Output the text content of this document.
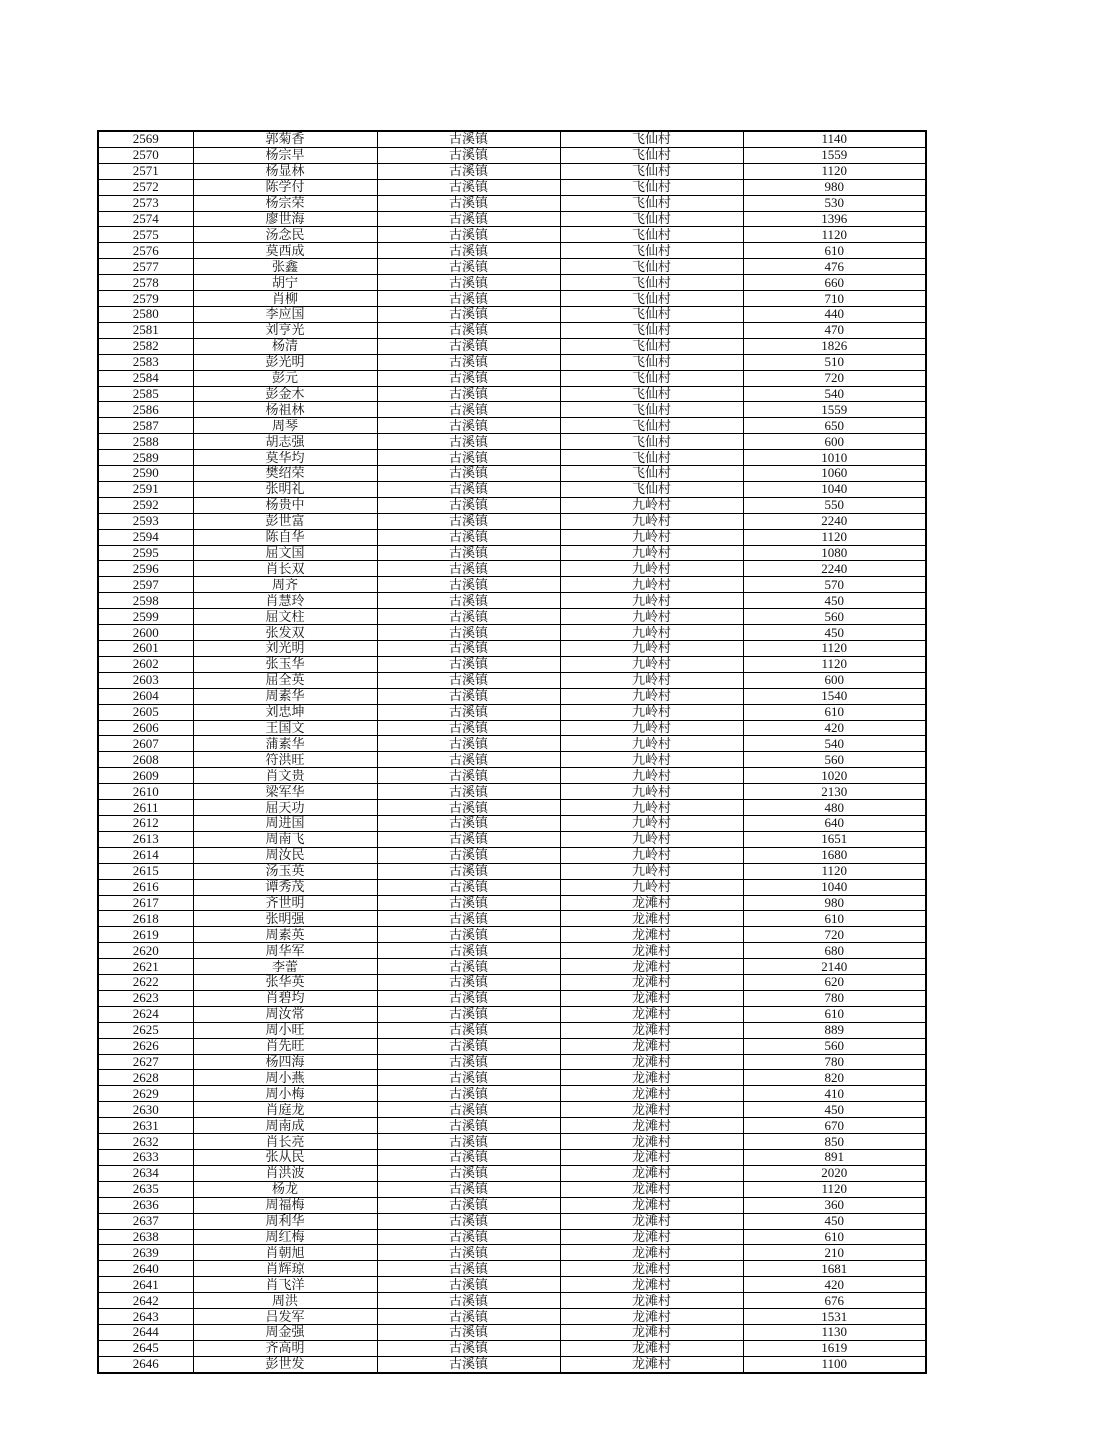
2569	郭菊香	古溪镇	飞仙村	1140
2570	杨宗早	古溪镇	飞仙村	1559
2571	杨显林	古溪镇	飞仙村	1120
2572	陈学付	古溪镇	飞仙村	980
2573	杨宗荣	古溪镇	飞仙村	530
2574	廖世海	古溪镇	飞仙村	1396
2575	汤念民	古溪镇	飞仙村	1120
2576	莫西成	古溪镇	飞仙村	610
2577	张鑫	古溪镇	飞仙村	476
2578	胡宁	古溪镇	飞仙村	660
2579	肖柳	古溪镇	飞仙村	710
2580	李应国	古溪镇	飞仙村	440
2581	刘亨光	古溪镇	飞仙村	470
2582	杨清	古溪镇	飞仙村	1826
2583	彭光明	古溪镇	飞仙村	510
2584	彭元	古溪镇	飞仙村	720
2585	彭金木	古溪镇	飞仙村	540
2586	杨祖林	古溪镇	飞仙村	1559
2587	周琴	古溪镇	飞仙村	650
2588	胡志强	古溪镇	飞仙村	600
2589	莫华均	古溪镇	飞仙村	1010
2590	樊绍荣	古溪镇	飞仙村	1060
2591	张明礼	古溪镇	飞仙村	1040
2592	杨贵中	古溪镇	九岭村	550
2593	彭世富	古溪镇	九岭村	2240
2594	陈自华	古溪镇	九岭村	1120
2595	屈文国	古溪镇	九岭村	1080
2596	肖长双	古溪镇	九岭村	2240
2597	周齐	古溪镇	九岭村	570
2598	肖慧玲	古溪镇	九岭村	450
2599	屈文柱	古溪镇	九岭村	560
2600	张发双	古溪镇	九岭村	450
2601	刘光明	古溪镇	九岭村	1120
2602	张玉华	古溪镇	九岭村	1120
2603	屈全英	古溪镇	九岭村	600
2604	周素华	古溪镇	九岭村	1540
2605	刘忠坤	古溪镇	九岭村	610
2606	王国文	古溪镇	九岭村	420
2607	蒲素华	古溪镇	九岭村	540
2608	符洪旺	古溪镇	九岭村	560
2609	肖文贵	古溪镇	九岭村	1020
2610	梁军华	古溪镇	九岭村	2130
2611	屈天功	古溪镇	九岭村	480
2612	周进国	古溪镇	九岭村	640
2613	周南飞	古溪镇	九岭村	1651
2614	周汝民	古溪镇	九岭村	1680
2615	汤玉英	古溪镇	九岭村	1120
2616	谭秀茂	古溪镇	九岭村	1040
2617	齐世明	古溪镇	龙滩村	980
2618	张明强	古溪镇	龙滩村	610
2619	周素英	古溪镇	龙滩村	720
2620	周华军	古溪镇	龙滩村	680
2621	李蕾	古溪镇	龙滩村	2140
2622	张华英	古溪镇	龙滩村	620
2623	肖碧均	古溪镇	龙滩村	780
2624	周汝常	古溪镇	龙滩村	610
2625	周小旺	古溪镇	龙滩村	889
2626	肖先旺	古溪镇	龙滩村	560
2627	杨四海	古溪镇	龙滩村	780
2628	周小燕	古溪镇	龙滩村	820
2629	周小梅	古溪镇	龙滩村	410
2630	肖庭龙	古溪镇	龙滩村	450
2631	周南成	古溪镇	龙滩村	670
2632	肖长亮	古溪镇	龙滩村	850
2633	张从民	古溪镇	龙滩村	891
2634	肖洪波	古溪镇	龙滩村	2020
2635	杨龙	古溪镇	龙滩村	1120
2636	周福梅	古溪镇	龙滩村	360
2637	周利华	古溪镇	龙滩村	450
2638	周红梅	古溪镇	龙滩村	610
2639	肖朝旭	古溪镇	龙滩村	210
2640	肖辉琼	古溪镇	龙滩村	1681
2641	肖飞洋	古溪镇	龙滩村	420
2642	周洪	古溪镇	龙滩村	676
2643	吕发军	古溪镇	龙滩村	1531
2644	周金强	古溪镇	龙滩村	1130
2645	齐高明	古溪镇	龙滩村	1619
2646	彭世发	古溪镇	龙滩村	1100
